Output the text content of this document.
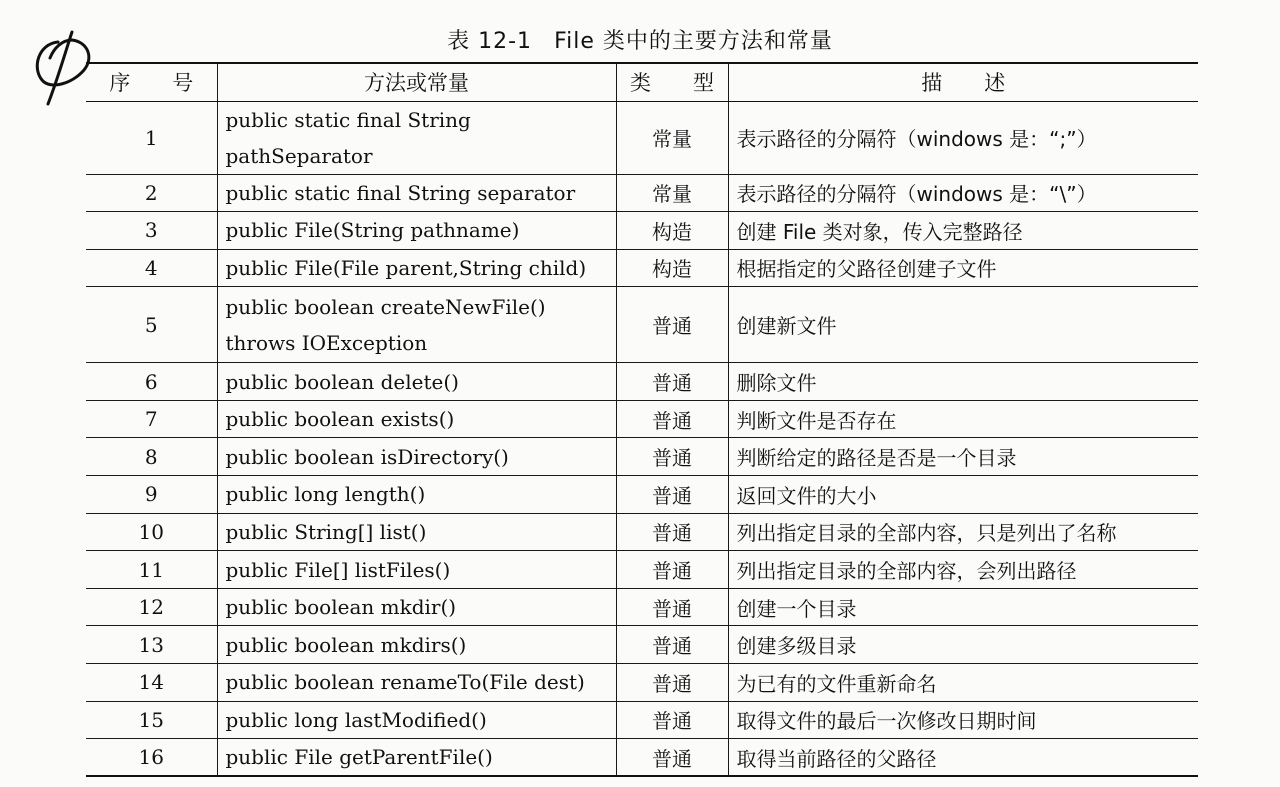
表 12-1 File 类中的主要方法和常量
序　　号	方法或常量	类　　型	描　　述
1	public static final String pathSeparator	常量	表示路径的分隔符（windows 是：“;”）
2	public static final String separator	常量	表示路径的分隔符（windows 是：“\”）
3	public File(String pathname)	构造	创建 File 类对象，传入完整路径
4	public File(File parent,String child)	构造	根据指定的父路径创建子文件
5	public boolean createNewFile() throws IOException	普通	创建新文件
6	public boolean delete()	普通	删除文件
7	public boolean exists()	普通	判断文件是否存在
8	public boolean isDirectory()	普通	判断给定的路径是否是一个目录
9	public long length()	普通	返回文件的大小
10	public String[] list()	普通	列出指定目录的全部内容，只是列出了名称
11	public File[] listFiles()	普通	列出指定目录的全部内容，会列出路径
12	public boolean mkdir()	普通	创建一个目录
13	public boolean mkdirs()	普通	创建多级目录
14	public boolean renameTo(File dest)	普通	为已有的文件重新命名
15	public long lastModified()	普通	取得文件的最后一次修改日期时间
16	public File getParentFile()	普通	取得当前路径的父路径
